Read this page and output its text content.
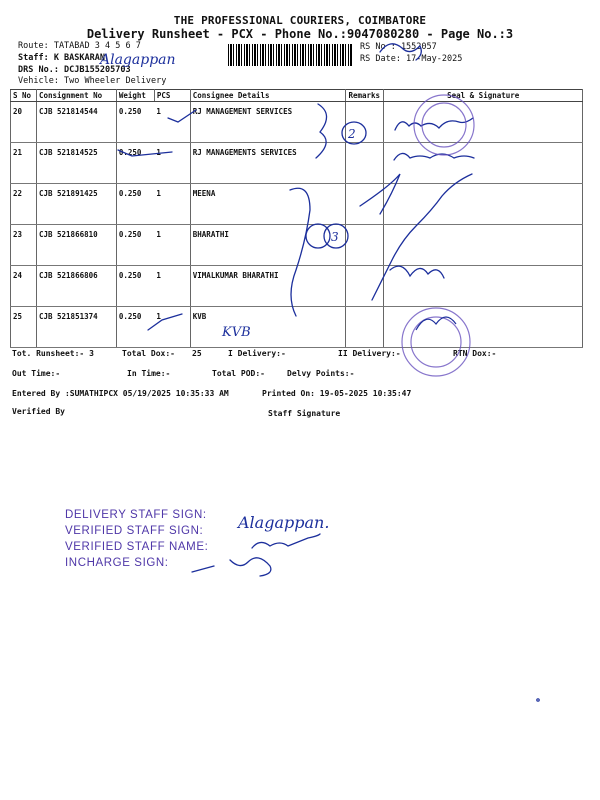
THE PROFESSIONAL COURIERS, COIMBATORE
Delivery Runsheet - PCX - Phone No.:9047080280 - Page No.:3
Route: TATABAD 3 4 5 6 7
Staff: K BASKARAN
DRS No.: DCJB155205703
Vehicle: Two Wheeler Delivery
RS No : 1552057
RS Date: 17-May-2025
S No	Consignment No	Weight	PCS	Consignee Details	Remarks	Seal & Signature
20	CJB 521814544	0.250	1	RJ MANAGEMENT SERVICES		
21	CJB 521814525	0.250	1	RJ MANAGEMENTS SERVICES		
22	CJB 521891425	0.250	1	MEENA		
23	CJB 521866810	0.250	1	BHARATHI		
24	CJB 521866806	0.250	1	VIMALKUMAR BHARATHI		
25	CJB 521851374	0.250	1	KVB		
Tot. Runsheet:- 3	Total Dox:- 25	I Delivery:-	II Delivery:-	RTN Dox:-
Out Time:-	In Time:-	Total POD:-	Delvy Points:-
Entered By :SUMATHIPCX 05/19/2025 10:35:33 AM	Printed On: 19-05-2025 10:35:47
Verified By	Staff Signature
DELIVERY STAFF SIGN:
VERIFIED STAFF SIGN:
VERIFIED STAFF NAME:
INCHARGE SIGN:
Alagappan
2
3
KVB
Alagappan.
